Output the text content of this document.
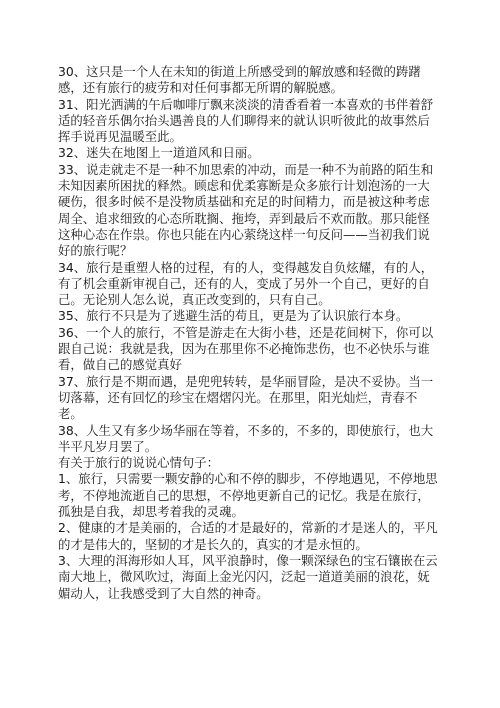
30、这只是一个人在未知的街道上所感受到的解放感和轻微的踌躇感，还有旅行的疲劳和对任何事都无所谓的解脱感。

31、阳光洒满的午后咖啡厅飘来淡淡的清香看着一本喜欢的书伴着舒适的轻音乐偶尔抬头遇善良的人们聊得来的就认识听彼此的故事然后挥手说再见温暖至此。

32、迷失在地图上一道道风和日丽。

33、说走就走不是一种不加思索的冲动，而是一种不为前路的陌生和未知因素所困扰的释然。顾虑和优柔寡断是众多旅行计划泡汤的一大硬伤，很多时候不是没物质基础和充足的时间精力，而是被这种考虑周全、追求细致的心态所耽搁、拖垮，弄到最后不欢而散。那只能怪这种心态在作祟。你也只能在内心萦绕这样一句反问——当初我们说好的旅行呢？

34、旅行是重塑人格的过程，有的人，变得越发自负炫耀，有的人，有了机会重新审视自己，还有的人，变成了另外一个自己，更好的自己。无论别人怎么说，真正改变到的，只有自己。

35、旅行不只是为了逃避生活的苟且，更是为了认识旅行本身。

36、一个人的旅行，不管是游走在大街小巷，还是花间树下，你可以跟自己说：我就是我，因为在那里你不必掩饰悲伤，也不必快乐与谁看，做自己的感觉真好

37、旅行是不期而遇，是兜兜转转，是华丽冒险，是决不妥协。当一切落幕，还有回忆的珍宝在熠熠闪光。在那里，阳光灿烂，青春不老。

38、人生又有多少场华丽在等着，不多的，不多的，即使旅行，也大半平凡岁月罢了。

有关于旅行的说说心情句子：

1、旅行，只需要一颗安静的心和不停的脚步，不停地遇见，不停地思考，不停地流逝自己的思想，不停地更新自己的记忆。我是在旅行，孤独是自我，却思考着我的灵魂。

2、健康的才是美丽的，合适的才是最好的，常新的才是迷人的，平凡的才是伟大的，坚韧的才是长久的，真实的才是永恒的。

3、大理的洱海形如人耳，风平浪静时，像一颗深绿色的宝石镶嵌在云南大地上，微风吹过，海面上金光闪闪，泛起一道道美丽的浪花，妩媚动人，让我感受到了大自然的神奇。
